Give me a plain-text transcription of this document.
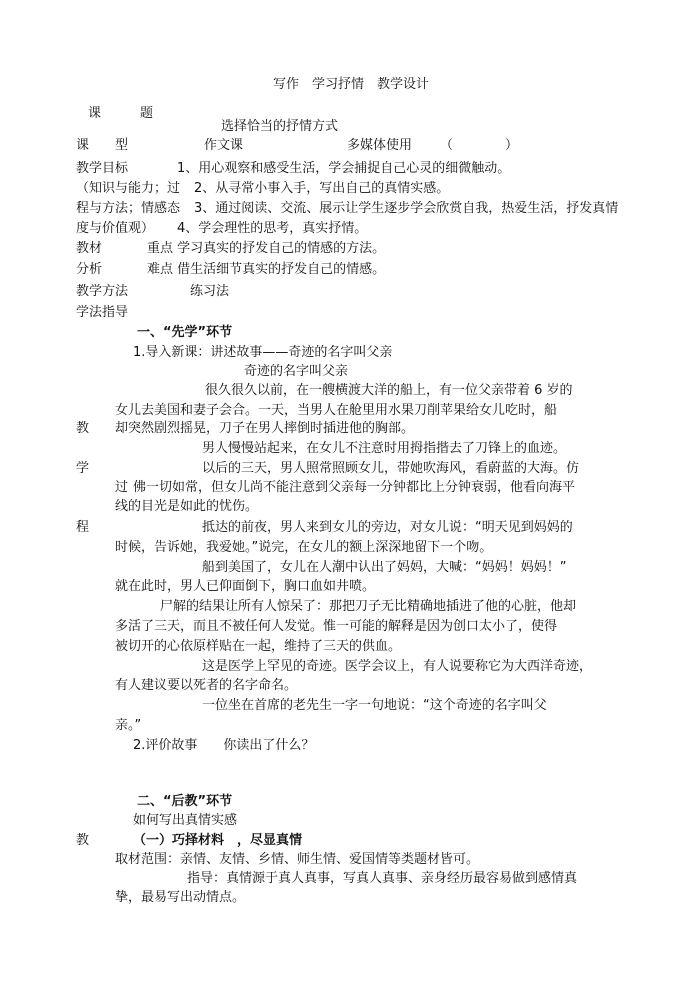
写作　学习抒情　教学设计
课　　　题
选择恰当的抒情方式
课　　型	作文课	多媒体使用 （　　　　）
教学目标
（知识与能力；过
程与方法；情感态
度与价值观）
1、用心观察和感受生活，学会捕捉自己心灵的细微触动。
2、从寻常小事入手，写出自己的真情实感。
3、通过阅读、交流、展示让学生逐步学会欣赏自我，热爱生活，抒发真情
4、学会理性的思考，真实抒情。
教材	重点 学习真实的抒发自己的情感的方法。
分析	难点 借生活细节真实的抒发自己的情感。
教学方法	练习法
学法指导
一、“先学”环节
1.导入新课：讲述故事——奇迹的名字叫父亲
奇迹的名字叫父亲
很久很久以前，在一艘横渡大洋的船上，有一位父亲带着 6 岁的
女儿去美国和妻子会合。一天，当男人在舱里用水果刀削苹果给女儿吃时，船
却突然剧烈摇晃，刀子在男人摔倒时插进他的胸部。
教
男人慢慢站起来，在女儿不注意时用拇指揩去了刀锋上的血迹。
学	以后的三天，男人照常照顾女儿，带她吹海风，看蔚蓝的大海。仿
过 佛一切如常，但女儿尚不能注意到父亲每一分钟都比上分钟衰弱，他看向海平
线的目光是如此的忧伤。
程	抵达的前夜，男人来到女儿的旁边，对女儿说：“明天见到妈妈的
时候，告诉她，我爱她。”说完，在女儿的额上深深地留下一个吻。
船到美国了，女儿在人潮中认出了妈妈，大喊：“妈妈！妈妈！”
就在此时，男人已仰面倒下，胸口血如井喷。
尸解的结果让所有人惊呆了：那把刀子无比精确地插进了他的心脏，他却
多活了三天，而且不被任何人发觉。惟一可能的解释是因为创口太小了，使得
被切开的心依原样贴在一起，维持了三天的供血。
这是医学上罕见的奇迹。医学会议上，有人说要称它为大西洋奇迹，
有人建议要以死者的名字命名。
一位坐在首席的老先生一字一句地说：“这个奇迹的名字叫父
亲。”
2.评价故事　　你读出了什么？
二、“后教”环节
如何写出真情实感
教	（一）巧择材料　，尽显真情
取材范围：亲情、友情、乡情、师生情、爱国情等类题材皆可。
指导：真情源于真人真事，写真人真事、亲身经历最容易做到感情真
挚，最易写出动情点。
